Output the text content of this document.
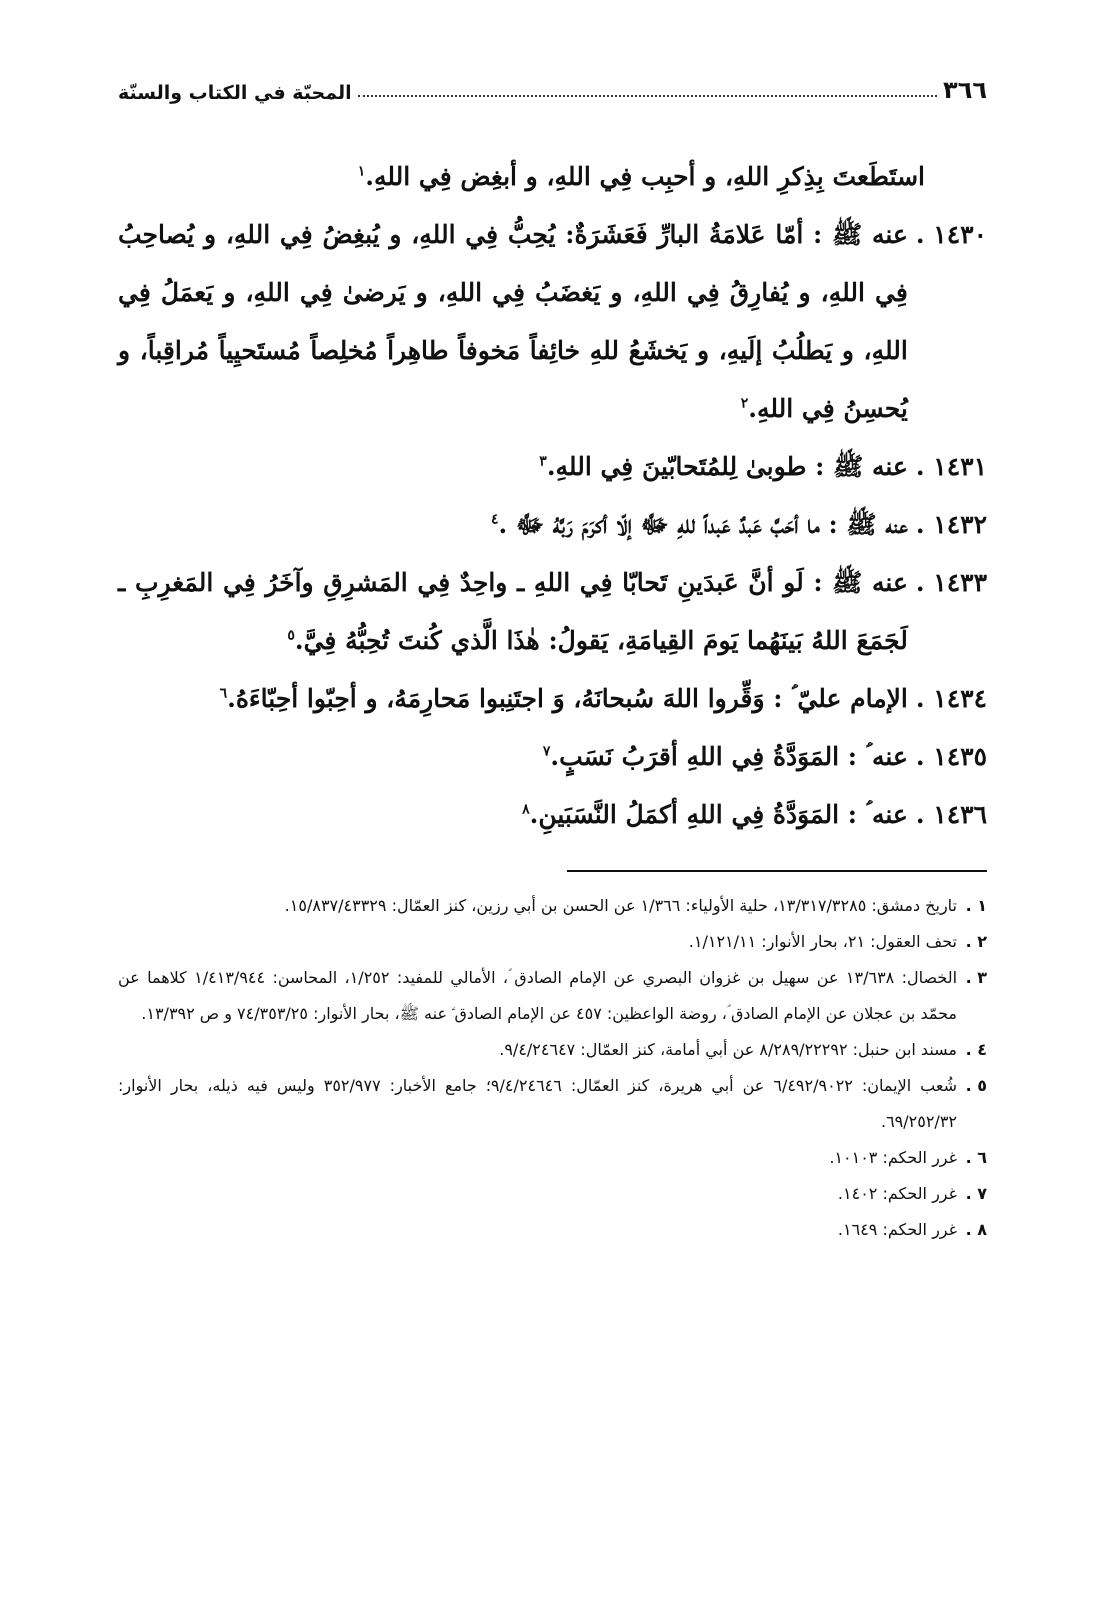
٣٦٦
المحبّة في الكتاب والسنّة

استَطَعتَ بِذِكرِ اللهِ، و أحبِب فِي اللهِ، و أبغِض فِي اللهِ.$^١$

١٤٣٠ .
عنه ﷺ : أمّا عَلامَةُ البارِّ فَعَشَرَةٌ: يُحِبُّ فِي اللهِ، و يُبغِضُ فِي اللهِ، و يُصاحِبُ فِي اللهِ، و يُفارِقُ فِي اللهِ، و يَغضَبُ فِي اللهِ، و يَرضىٰ فِي اللهِ، و يَعمَلُ فِي اللهِ، و يَطلُبُ إلَيهِ، و يَخشَعُ للهِ خائِفاً مَخوفاً طاهِراً مُخلِصاً مُستَحيِياً مُراقِباً، و يُحسِنُ فِي اللهِ.$^٢$
١٤٣١ .
عنه ﷺ : طوبىٰ لِلمُتَحابّينَ فِي اللهِ.$^٣$
١٤٣٢ .
عنه ﷺ : ما أحَبَّ عَبدٌ عَبداً للهِ ﷻ إلّا أكرَمَ رَبَّهُ ﷻ .$^٤$
١٤٣٣ .
عنه ﷺ : لَو أنَّ عَبدَينِ تَحابّا فِي اللهِ ـ واحِدٌ فِي المَشرِقِ وآخَرُ فِي المَغرِبِ ـ لَجَمَعَ اللهُ بَينَهُما يَومَ القِيامَةِ، يَقولُ: هٰذَا الَّذي كُنتَ تُحِبُّهُ فِيَّ.$^٥$
١٤٣٤ .
الإمام عليّ ؑ : وَقِّروا اللهَ سُبحانَهُ، وَ اجتَنِبوا مَحارِمَهُ، و أحِبّوا أحِبّاءَهُ.$^٦$
١٤٣٥ .
عنه ؑ : المَوَدَّةُ فِي اللهِ أقرَبُ نَسَبٍ.$^٧$
١٤٣٦ .
عنه ؑ : المَوَدَّةُ فِي اللهِ أكمَلُ النَّسَبَينِ.$^٨$
١ .
تاريخ دمشق: ١٣/٣١٧/٣٢٨٥، حلية الأولياء: ١/٣٦٦ عن الحسن بن أبي رزين، كنز العمّال: ١٥/٨٣٧/٤٣٣٢٩.
٢ .
تحف العقول: ٢١، بحار الأنوار: ١/١٢١/١١.
٣ .
الخصال: ١٣/٦٣٨ عن سهيل بن غزوان البصري عن الإمام الصادق ؑ، الأمالي للمفيد: ١/٢٥٢، المحاسن: ١/٤١٣/٩٤٤ كلاهما عن محمّد بن عجلان عن الإمام الصادق ؑ، روضة الواعظين: ٤٥٧ عن الإمام الصادق ؑ عنه ﷺ، بحار الأنوار: ٧٤/٣٥٣/٢٥ و ص ١٣/٣٩٢.
٤ .
مسند ابن حنبل: ٨/٢٨٩/٢٢٢٩٢ عن أبي أمامة، كنز العمّال: ٩/٤/٢٤٦٤٧.
٥ .
شُعب الإيمان: ٦/٤٩٢/٩٠٢٢ عن أبي هريرة، كنز العمّال: ٩/٤/٢٤٦٤٦؛ جامع الأخبار: ٣٥٢/٩٧٧ وليس فيه ذيله، بحار الأنوار: ٦٩/٢٥٢/٣٢.
٦ .
غرر الحكم: ١٠١٠٣.
٧ .
غرر الحكم: ١٤٠٢.
٨ .
غرر الحكم: ١٦٤٩.
